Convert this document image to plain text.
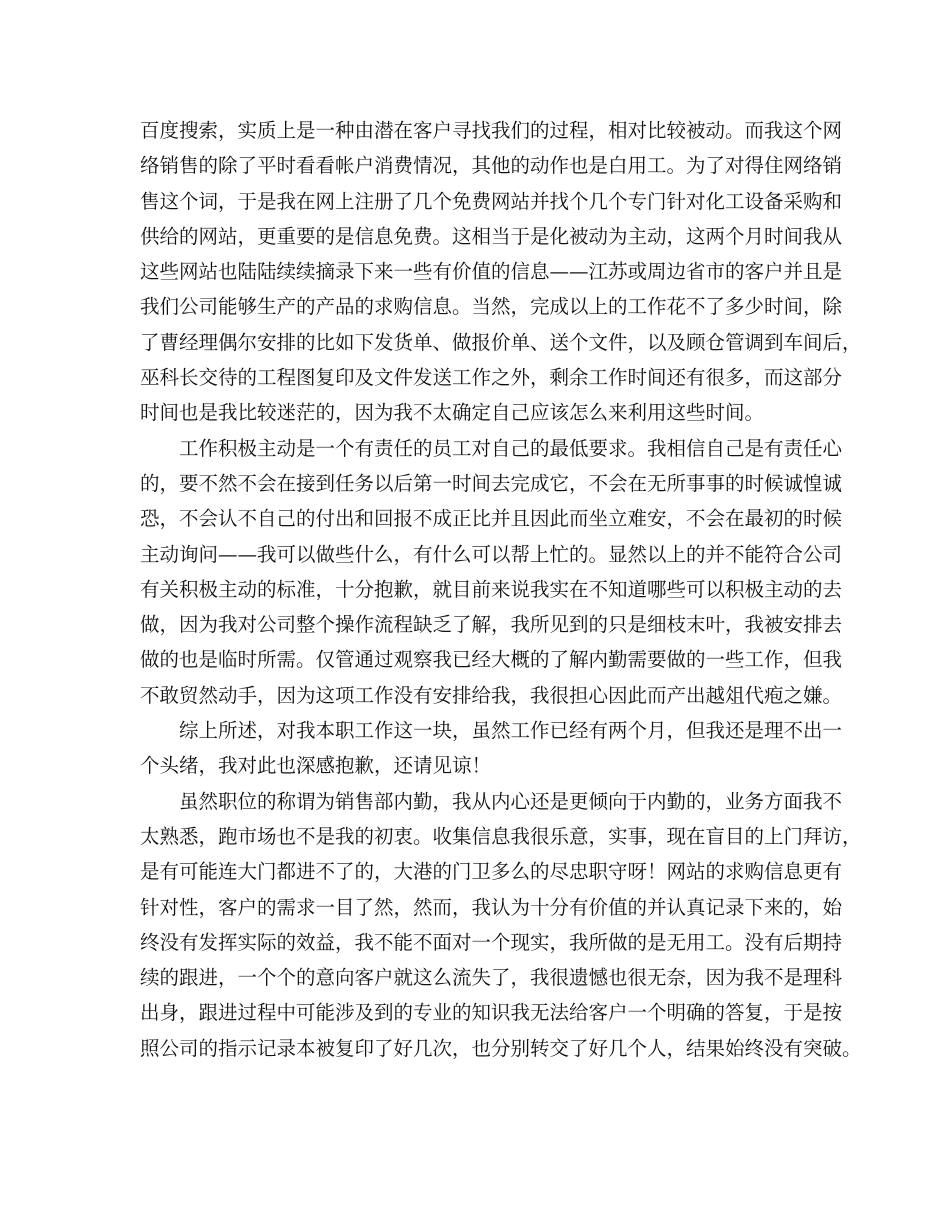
百度搜索，实质上是一种由潜在客户寻找我们的过程，相对比较被动。而我这个网
络销售的除了平时看看帐户消费情况，其他的动作也是白用工。为了对得住网络销
售这个词，于是我在网上注册了几个免费网站并找个几个专门针对化工设备采购和
供给的网站，更重要的是信息免费。这相当于是化被动为主动，这两个月时间我从
这些网站也陆陆续续摘录下来一些有价值的信息——江苏或周边省市的客户并且是
我们公司能够生产的产品的求购信息。当然，完成以上的工作花不了多少时间，除
了曹经理偶尔安排的比如下发货单、做报价单、送个文件，以及顾仓管调到车间后，
巫科长交待的工程图复印及文件发送工作之外，剩余工作时间还有很多，而这部分
时间也是我比较迷茫的，因为我不太确定自己应该怎么来利用这些时间。
　　工作积极主动是一个有责任的员工对自己的最低要求。我相信自己是有责任心
的，要不然不会在接到任务以后第一时间去完成它，不会在无所事事的时候诚惶诚
恐，不会认不自己的付出和回报不成正比并且因此而坐立难安，不会在最初的时候
主动询问——我可以做些什么，有什么可以帮上忙的。显然以上的并不能符合公司
有关积极主动的标准，十分抱歉，就目前来说我实在不知道哪些可以积极主动的去
做，因为我对公司整个操作流程缺乏了解，我所见到的只是细枝末叶，我被安排去
做的也是临时所需。仅管通过观察我已经大概的了解内勤需要做的一些工作，但我
不敢贸然动手，因为这项工作没有安排给我，我很担心因此而产出越俎代疱之嫌。
　　综上所述，对我本职工作这一块，虽然工作已经有两个月，但我还是理不出一
个头绪，我对此也深感抱歉，还请见谅！
　　虽然职位的称谓为销售部内勤，我从内心还是更倾向于内勤的，业务方面我不
太熟悉，跑市场也不是我的初衷。收集信息我很乐意，实事，现在盲目的上门拜访，
是有可能连大门都进不了的，大港的门卫多么的尽忠职守呀！网站的求购信息更有
针对性，客户的需求一目了然，然而，我认为十分有价值的并认真记录下来的，始
终没有发挥实际的效益，我不能不面对一个现实，我所做的是无用工。没有后期持
续的跟进，一个个的意向客户就这么流失了，我很遗憾也很无奈，因为我不是理科
出身，跟进过程中可能涉及到的专业的知识我无法给客户一个明确的答复，于是按
照公司的指示记录本被复印了好几次，也分别转交了好几个人，结果始终没有突破。
